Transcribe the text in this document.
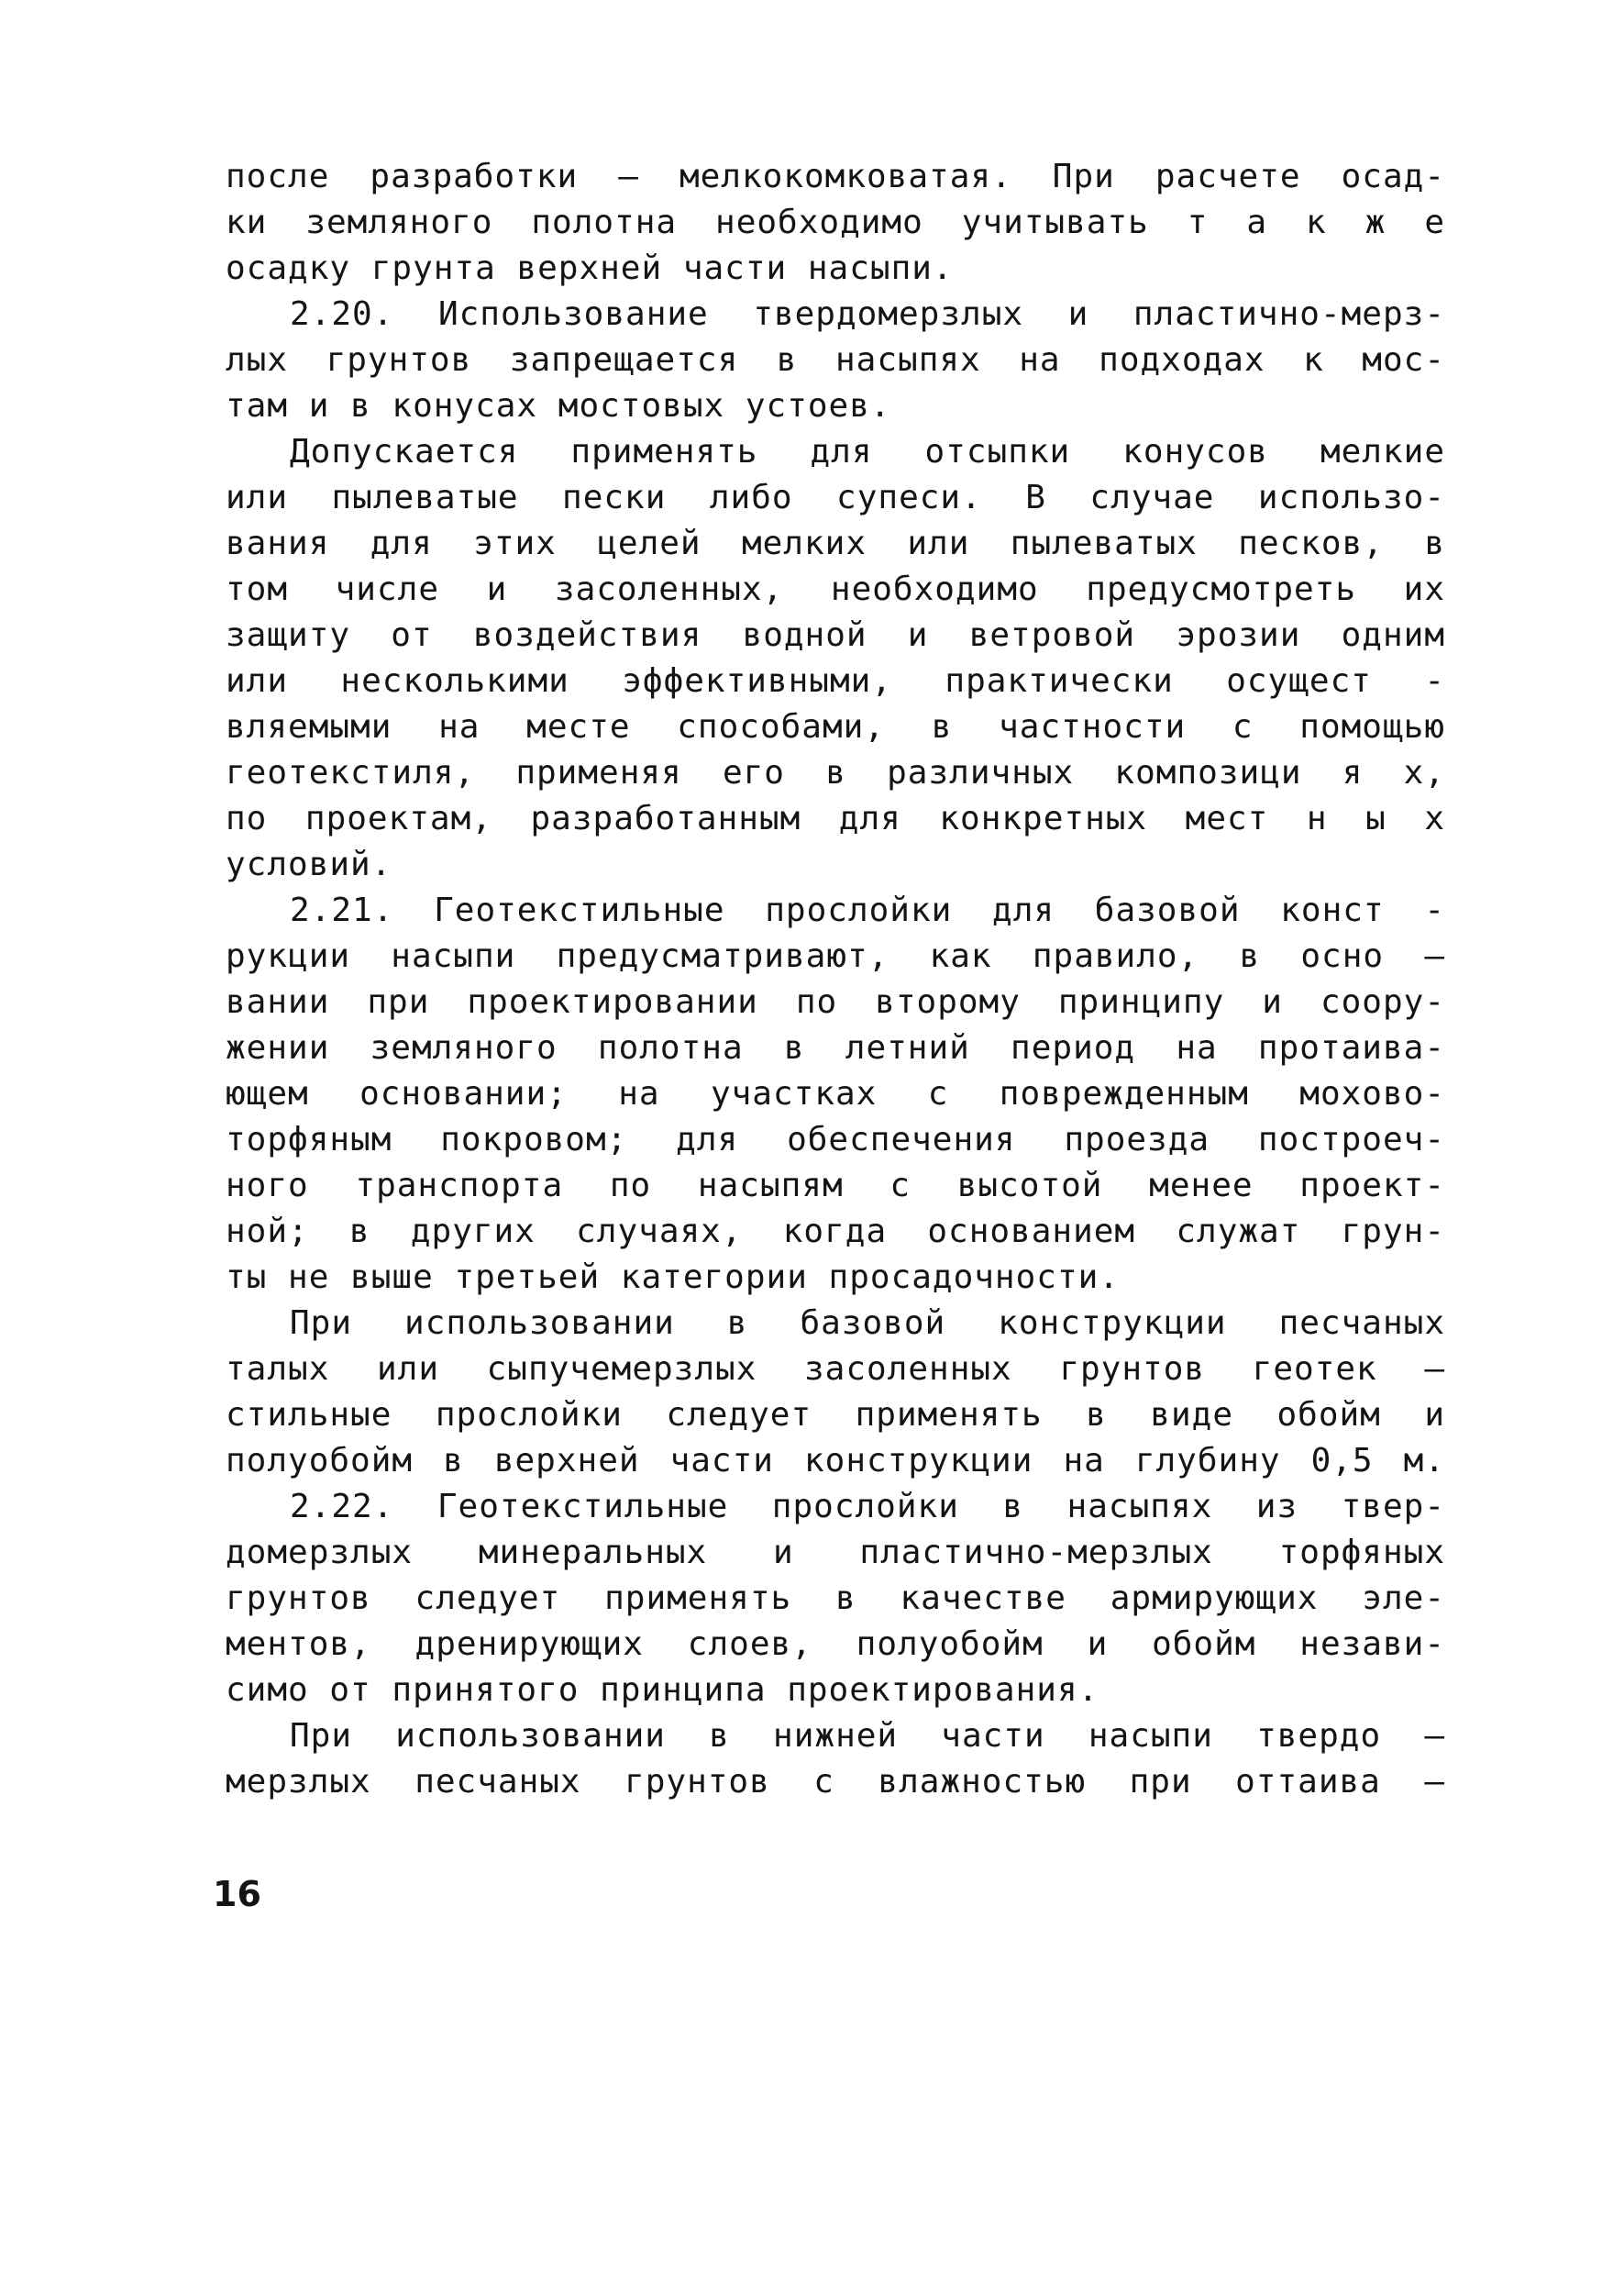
после разработки – мелкокомковатая. При расчете осад-
ки земляного полотна необходимо учитывать т а к ж е
осадку грунта верхней части насыпи.
2.20. Использование твердомерзлых и пластично-мерз-
лых грунтов запрещается в насыпях на подходах к мос-
там и в конусах мостовых устоев.
Допускается применять для отсыпки конусов мелкие
или пылеватые пески либо супеси. В случае использо-
вания для этих целей мелких или пылеватых песков, в
том числе и засоленных, необходимо предусмотреть их
защиту от воздействия водной и ветровой эрозии одним
или несколькими эффективными, практически осущест -
вляемыми на месте способами, в частности с помощью
геотекстиля, применяя его в различных композици я х,
по проектам, разработанным для конкретных мест н ы х
условий.
2.21. Геотекстильные прослойки для базовой конст -
рукции насыпи предусматривают, как правило, в осно –
вании при проектировании по второму принципу и соору-
жении земляного полотна в летний период на протаива-
ющем основании; на участках с поврежденным мохово-
торфяным покровом; для обеспечения проезда построеч-
ного транспорта по насыпям с высотой менее проект-
ной; в других случаях, когда основанием служат грун-
ты не выше третьей категории просадочности.
При использовании в базовой конструкции песчаных
талых или сыпучемерзлых засоленных грунтов геотек –
стильные прослойки следует применять в виде обойм и
полуобойм в верхней части конструкции на глубину 0,5 м.
2.22. Геотекстильные прослойки в насыпях из твер-
домерзлых минеральных и пластично-мерзлых торфяных
грунтов следует применять в качестве армирующих эле-
ментов, дренирующих слоев, полуобойм и обойм незави-
симо от принятого принципа проектирования.
При использовании в нижней части насыпи твердо –
мерзлых песчаных грунтов с влажностью при оттаива –
16
